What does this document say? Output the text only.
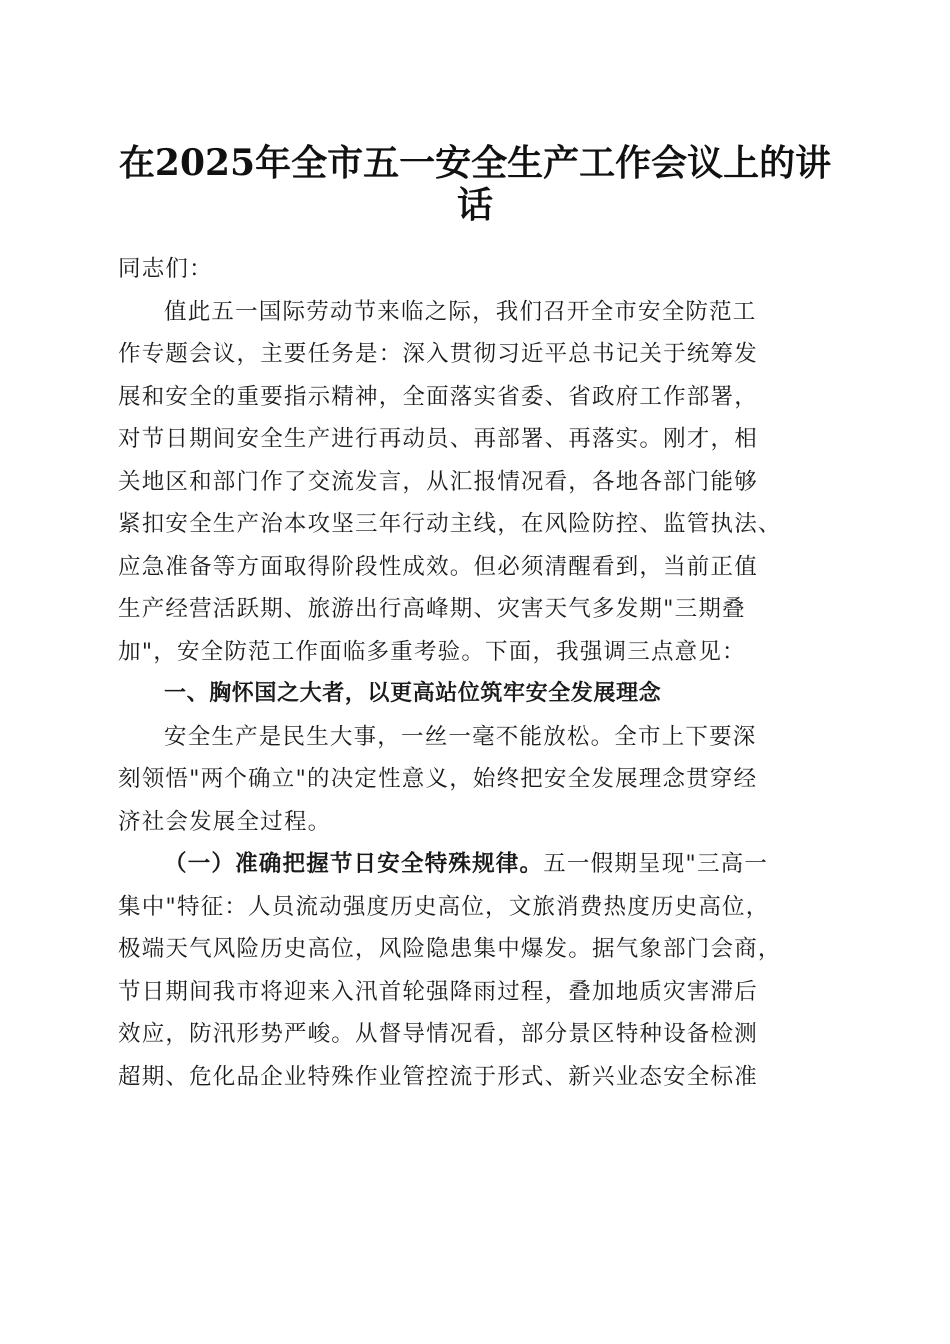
在2025年全市五一安全生产工作会议上的讲
话
同志们：
值此五一国际劳动节来临之际，我们召开全市安全防范工
作专题会议，主要任务是：深入贯彻习近平总书记关于统筹发
展和安全的重要指示精神，全面落实省委、省政府工作部署，
对节日期间安全生产进行再动员、再部署、再落实。刚才，相
关地区和部门作了交流发言，从汇报情况看，各地各部门能够
紧扣安全生产治本攻坚三年行动主线，在风险防控、监管执法、
应急准备等方面取得阶段性成效。但必须清醒看到，当前正值
生产经营活跃期、旅游出行高峰期、灾害天气多发期"三期叠
加"，安全防范工作面临多重考验。下面，我强调三点意见：
一、胸怀国之大者，以更高站位筑牢安全发展理念
安全生产是民生大事，一丝一毫不能放松。全市上下要深
刻领悟"两个确立"的决定性意义，始终把安全发展理念贯穿经
济社会发展全过程。
（一）准确把握节日安全特殊规律。五一假期呈现"三高一
集中"特征：人员流动强度历史高位，文旅消费热度历史高位，
极端天气风险历史高位，风险隐患集中爆发。据气象部门会商，
节日期间我市将迎来入汛首轮强降雨过程，叠加地质灾害滞后
效应，防汛形势严峻。从督导情况看，部分景区特种设备检测
超期、危化品企业特殊作业管控流于形式、新兴业态安全标准
